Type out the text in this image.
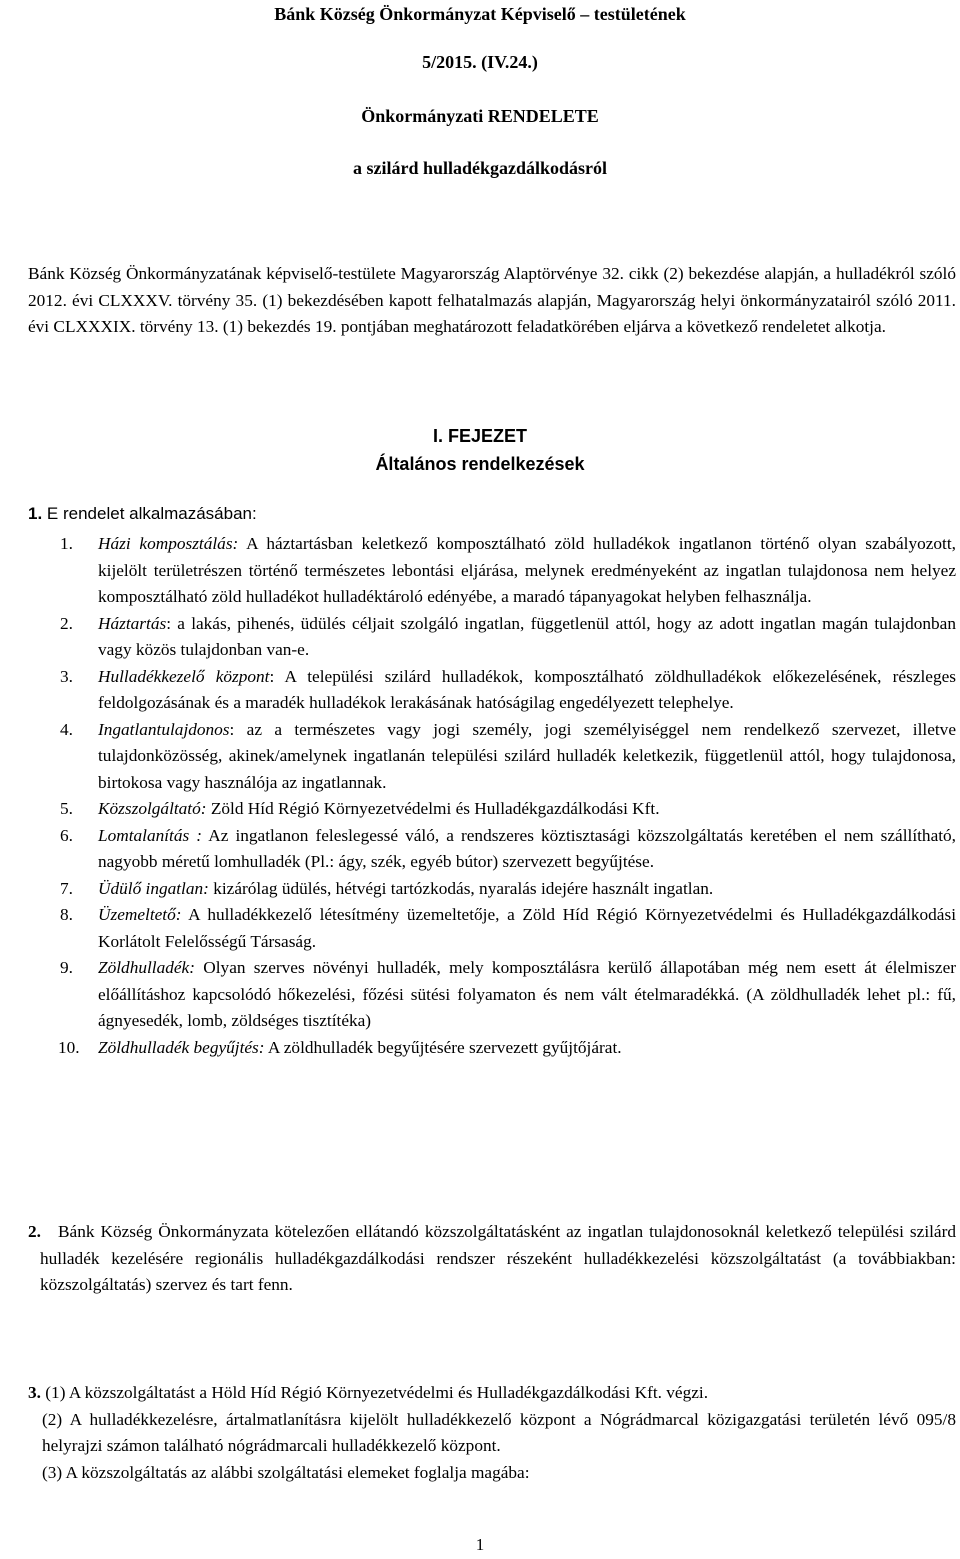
Bánk Község Önkormányzat Képviselő – testületének

5/2015. (IV.24.)

Önkormányzati RENDELETE

a szilárd hulladékgazdálkodásról

Bánk Község Önkormányzatának képviselő-testülete Magyarország Alaptörvénye 32. cikk (2) bekezdése alapján, a hulladékról szóló 2012. évi CLXXXV. törvény 35. (1) bekezdésében kapott felhatalmazás alapján, Magyarország helyi önkormányzatairól szóló 2011. évi CLXXXIX. törvény 13. (1) bekezdés 19. pontjában meghatározott feladatkörében eljárva a következő rendeletet alkotja.

I. FEJEZET

Általános rendelkezések

1. E rendelet alkalmazásában:

1. Házi komposztálás: A háztartásban keletkező komposztálható zöld hulladékok ingatlanon történő olyan szabályozott, kijelölt területrészen történő természetes lebontási eljárása, melynek eredményeként az ingatlan tulajdonosa nem helyez komposztálható zöld hulladékot hulladéktároló edényébe, a maradó tápanyagokat helyben felhasználja.
2. Háztartás: a lakás, pihenés, üdülés céljait szolgáló ingatlan, függetlenül attól, hogy az adott ingatlan magán tulajdonban vagy közös tulajdonban van-e.
3. Hulladékkezelő központ: A települési szilárd hulladékok, komposztálható zöldhulladékok előkezelésének, részleges feldolgozásának és a maradék hulladékok lerakásának hatóságilag engedélyezett telephelye.
4. Ingatlantulajdonos: az a természetes vagy jogi személy, jogi személyiséggel nem rendelkező szervezet, illetve tulajdonközösség, akinek/amelynek ingatlanán települési szilárd hulladék keletkezik, függetlenül attól, hogy tulajdonosa, birtokosa vagy használója az ingatlannak.
5. Közszolgáltató: Zöld Híd Régió Környezetvédelmi és Hulladékgazdálkodási Kft.
6. Lomtalanítás : Az ingatlanon feleslegessé váló, a rendszeres köztisztasági közszolgáltatás keretében el nem szállítható, nagyobb méretű lomhulladék (Pl.: ágy, szék, egyéb bútor) szervezett begyűjtése.
7. Üdülő ingatlan: kizárólag üdülés, hétvégi tartózkodás, nyaralás idejére használt ingatlan.
8. Üzemeltető: A hulladékkezelő létesítmény üzemeltetője, a Zöld Híd Régió Környezetvédelmi és Hulladékgazdálkodási Korlátolt Felelősségű Társaság.
9. Zöldhulladék: Olyan szerves növényi hulladék, mely komposztálásra kerülő állapotában még nem esett át élelmiszer előállításhoz kapcsolódó hőkezelési, főzési sütési folyamaton és nem vált ételmaradékká. (A zöldhulladék lehet pl.: fű, ágnyesedék, lomb, zöldséges tisztítéka)
10. Zöldhulladék begyűjtés: A zöldhulladék begyűjtésére szervezett gyűjtőjárat.

2. Bánk Község Önkormányzata kötelezően ellátandó közszolgáltatásként az ingatlan tulajdonosoknál keletkező települési szilárd hulladék kezelésére regionális hulladékgazdálkodási rendszer részeként hulladékkezelési közszolgáltatást (a továbbiakban: közszolgáltatás) szervez és tart fenn.

3. (1) A közszolgáltatást a Höld Híd Régió Környezetvédelmi és Hulladékgazdálkodási Kft. végzi.
(2) A hulladékkezelésre, ártalmatlanításra kijelölt hulladékkezelő központ a Nógrádmarcal közigazgatási területén lévő 095/8 helyrajzi számon található nógrádmarcali hulladékkezelő központ.
(3) A közszolgáltatás az alábbi szolgáltatási elemeket foglalja magába:

1
